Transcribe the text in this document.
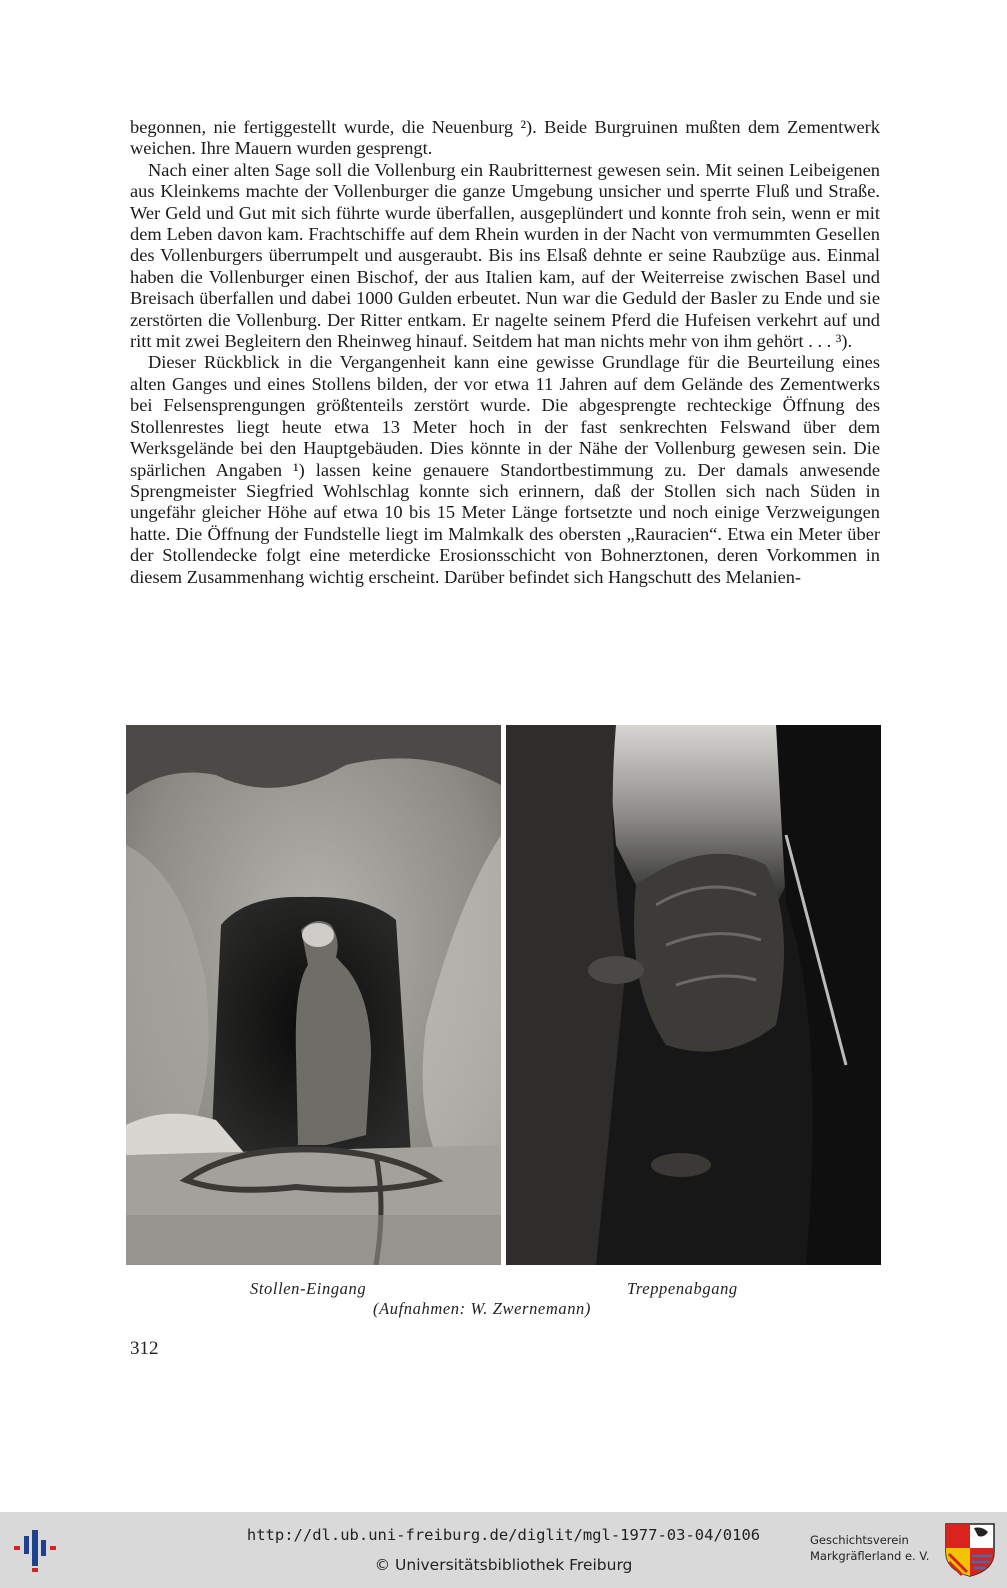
begonnen, nie fertiggestellt wurde, die Neuenburg ²). Beide Burgruinen mußten dem Zementwerk weichen. Ihre Mauern wurden gesprengt.

Nach einer alten Sage soll die Vollenburg ein Raubritternest gewesen sein. Mit seinen Leibeigenen aus Kleinkems machte der Vollenburger die ganze Umgebung unsicher und sperrte Fluß und Straße. Wer Geld und Gut mit sich führte wurde überfallen, ausgeplündert und konnte froh sein, wenn er mit dem Leben davon kam. Frachtschiffe auf dem Rhein wurden in der Nacht von vermummten Gesellen des Vollenburgers überrumpelt und ausgeraubt. Bis ins Elsaß dehnte er seine Raubzüge aus. Einmal haben die Vollenburger einen Bischof, der aus Italien kam, auf der Weiterreise zwischen Basel und Breisach überfallen und dabei 1000 Gulden erbeutet. Nun war die Geduld der Basler zu Ende und sie zerstörten die Vollenburg. Der Ritter entkam. Er nagelte seinem Pferd die Hufeisen verkehrt auf und ritt mit zwei Begleitern den Rheinweg hinauf. Seitdem hat man nichts mehr von ihm gehört . . . ³).

Dieser Rückblick in die Vergangenheit kann eine gewisse Grundlage für die Beurteilung eines alten Ganges und eines Stollens bilden, der vor etwa 11 Jahren auf dem Gelände des Zementwerks bei Felsensprengungen größtenteils zerstört wurde. Die abgesprengte rechteckige Öffnung des Stollenrestes liegt heute etwa 13 Meter hoch in der fast senkrechten Felswand über dem Werksgelände bei den Hauptgebäuden. Dies könnte in der Nähe der Vollenburg gewesen sein. Die spärlichen Angaben ¹) lassen keine genauere Standortbestimmung zu. Der damals anwesende Sprengmeister Siegfried Wohlschlag konnte sich erinnern, daß der Stollen sich nach Süden in ungefähr gleicher Höhe auf etwa 10 bis 15 Meter Länge fortsetzte und noch einige Verzweigungen hatte. Die Öffnung der Fundstelle liegt im Malmkalk des obersten „Rauracien“. Etwa ein Meter über der Stollendecke folgt eine meterdicke Erosionsschicht von Bohnerztonen, deren Vorkommen in diesem Zusammenhang wichtig erscheint. Darüber befindet sich Hangschutt des Melanien-

Stollen-Eingang	Treppenabgang
(Aufnahmen: W. Zwernemann)
312
http://dl.ub.uni-freiburg.de/diglit/mgl-1977-03-04/0106
© Universitätsbibliothek Freiburg
Geschichtsverein
Markgräflerland e. V.
